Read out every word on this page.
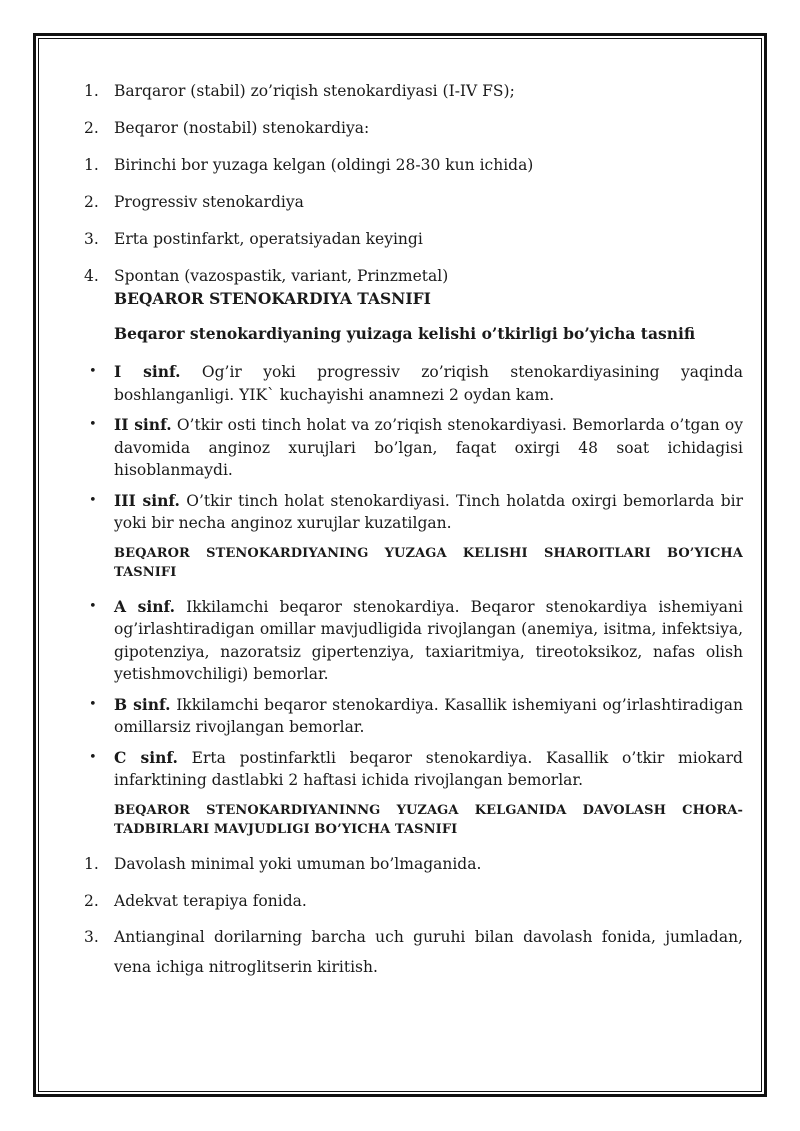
1. Barqaror (stabil) zo’riqish stenokardiyasi (I-IV FS);
2. Beqaror (nostabil) stenokardiya:
1. Birinchi bor yuzaga kelgan (oldingi 28-30 kun ichida)
2. Progressiv stenokardiya
3. Erta postinfarkt, operatsiyadan keyingi
4. Spontan (vazospastik, variant, Prinzmetal)
BEQAROR STENOKARDIYA TASNIFI
Beqaror stenokardiyaning yuizaga kelishi o’tkirligi bo’yicha tasnifi
•	I sinf. Og’ir yoki progressiv zo’riqish stenokardiyasining yaqinda boshlanganligi. YIK` kuchayishi anamnezi 2 oydan kam.
•	II sinf. O’tkir osti tinch holat va zo’riqish stenokardiyasi. Bemorlarda o’tgan oy davomida anginoz xurujlari bo’lgan, faqat oxirgi 48 soat ichidagisi hisoblanmaydi.
•	III sinf. O’tkir tinch holat stenokardiyasi. Tinch holatda oxirgi bemorlarda bir yoki bir necha anginoz xurujlar kuzatilgan.
BEQAROR STENOKARDIYANING YUZAGA KELISHI SHAROITLARI BO’YICHA TASNIFI
•	A sinf. Ikkilamchi beqaror stenokardiya. Beqaror stenokardiya ishemiyani og’irlashtiradigan omillar mavjudligida rivojlangan (anemiya, isitma, infektsiya, gipotenziya, nazoratsiz gipertenziya, taxiaritmiya, tireotoksikoz, nafas olish yetishmovchiligi) bemorlar.
•	B sinf. Ikkilamchi beqaror stenokardiya. Kasallik ishemiyani og’irlashtiradigan omillarsiz rivojlangan bemorlar.
•	C sinf. Erta postinfarktli beqaror stenokardiya. Kasallik o’tkir miokard infarktining dastlabki 2 haftasi ichida rivojlangan bemorlar.
BEQAROR STENOKARDIYANINNG YUZAGA KELGANIDA DAVOLASH CHORA-TADBIRLARI MAVJUDLIGI BO’YICHA TASNIFI
1. Davolash minimal yoki umuman bo’lmaganida.
2. Adekvat terapiya fonida.
3. Antianginal dorilarning barcha uch guruhi bilan davolash fonida, jumladan, vena ichiga nitroglitserin kiritish.
